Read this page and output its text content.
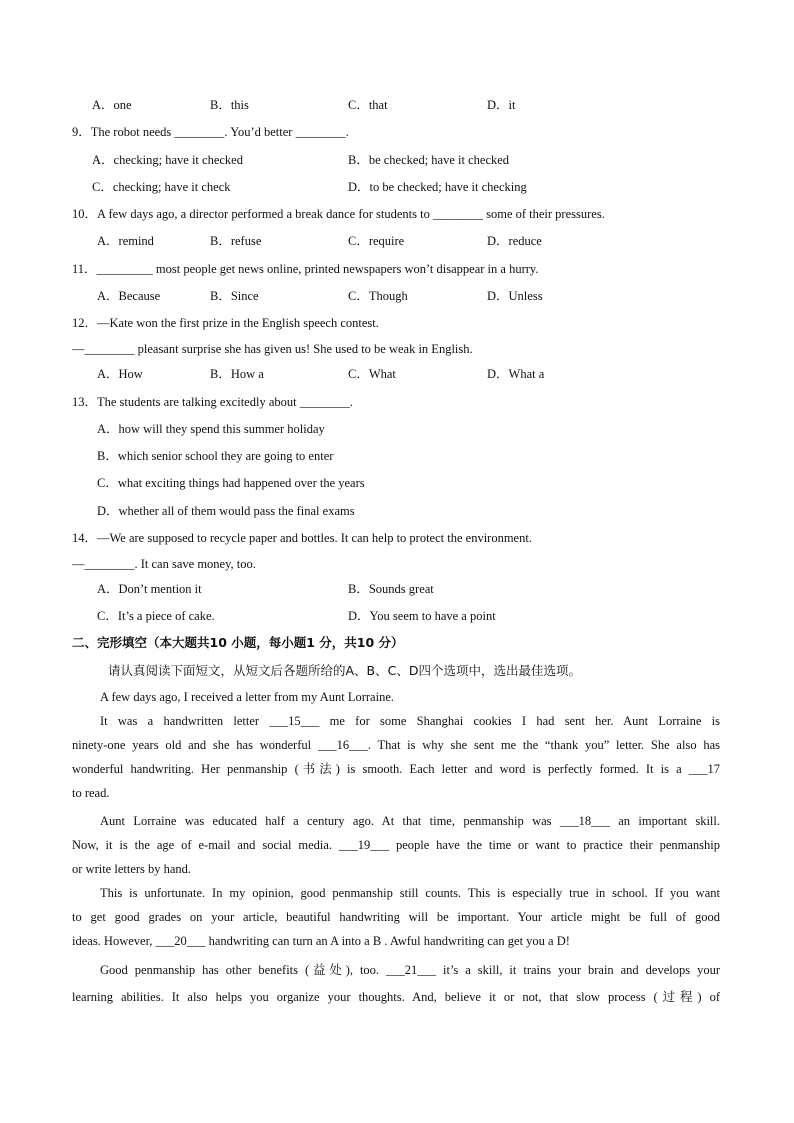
A．one	B．this	C．that	D．it
9．The robot needs ________. You’d better ________.
A．checking; have it checked	B．be checked; have it checked
C．checking; have it check	D．to be checked; have it checking
10．A few days ago, a director performed a break dance for students to ________ some of their pressures.
A．remind	B．refuse	C．require	D．reduce
11．_________ most people get news online, printed newspapers won’t disappear in a hurry.
A．Because	B．Since	C．Though	D．Unless
12．—Kate won the first prize in the English speech contest.
—________ pleasant surprise she has given us! She used to be weak in English.
A．How	B．How a	C．What	D．What a
13．The students are talking excitedly about ________.
A．how will they spend this summer holiday
B．which senior school they are going to enter
C．what exciting things had happened over the years
D．whether all of them would pass the final exams
14．—We are supposed to recycle paper and bottles. It can help to protect the environment.
—________. It can save money, too.
A．Don’t mention it	B．Sounds great
C．It’s a piece of cake.	D．You seem to have a point
二、完形填空（本大题共10 小题，每小题1 分，共10 分）
请认真阅读下面短文，从短文后各题所给的A、B、C、D四个选项中，选出最佳选项。
A few days ago, I received a letter from my Aunt Lorraine.
It was a handwritten letter ___15___ me for some Shanghai cookies I had sent her. Aunt Lorraine is
ninety-one years old and she has wonderful ___16___. That is why she sent me the “thank you” letter. She also has
wonderful handwriting. Her penmanship (书法) is smooth. Each letter and word is perfectly formed. It is a ___17
to read.
Aunt Lorraine was educated half a century ago. At that time, penmanship was ___18___ an important skill.
Now, it is the age of e-mail and social media. ___19___ people have the time or want to practice their penmanship
or write letters by hand.
This is unfortunate. In my opinion, good penmanship still counts. This is especially true in school. If you want
to get good grades on your article, beautiful handwriting will be important. Your article might be full of good
ideas. However, ___20___ handwriting can turn an A into a B . Awful handwriting can get you a D!
Good penmanship has other benefits (益处), too. ___21___ it’s a skill, it trains your brain and develops your
learning abilities. It also helps you organize your thoughts. And, believe it or not, that slow process (过程) of
